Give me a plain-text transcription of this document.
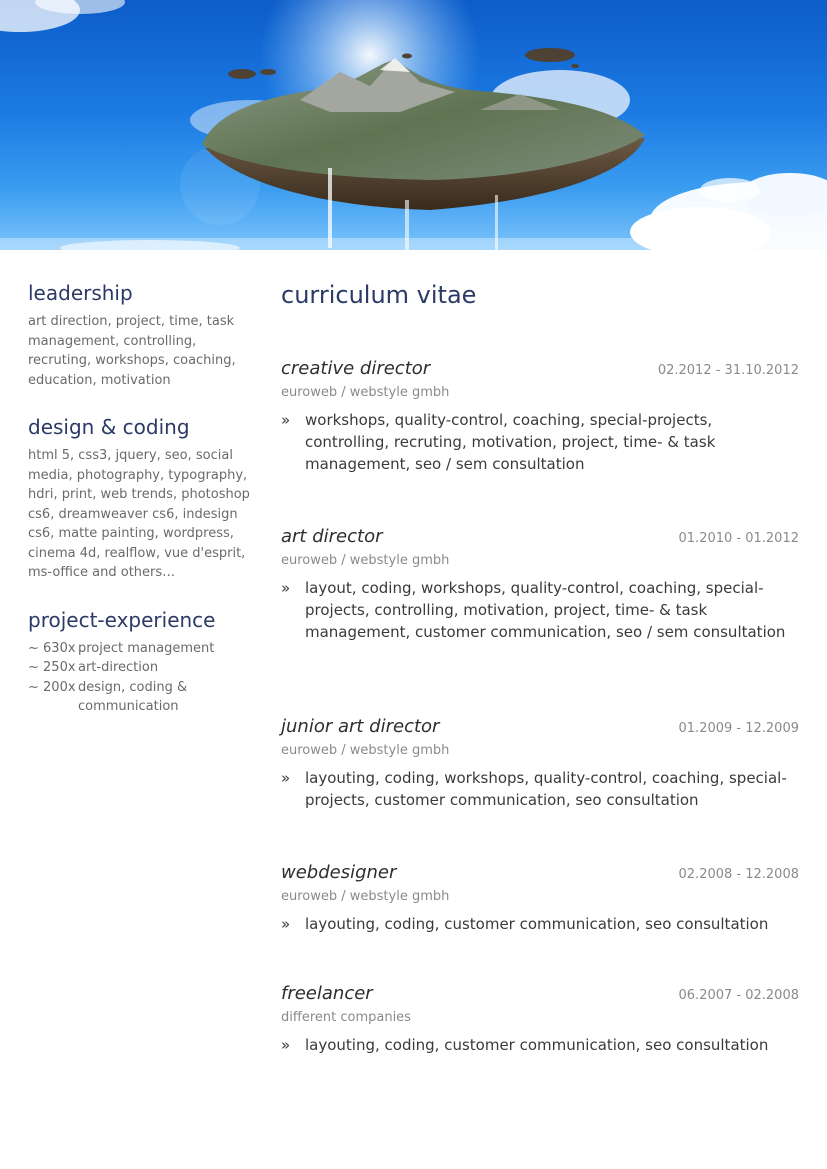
leadership
art direction, project, time, task management, controlling, recruting, workshops, coaching, education, motivation
design & coding
html 5, css3, jquery, seo, social media, photography, typography, hdri, print, web trends, photoshop cs6, dreamweaver cs6, indesign cs6, matte painting, wordpress, cinema 4d, realflow, vue d'esprit, ms-office and others…
project-experience
~ 630x project management
~ 250x art-direction
~ 200x design, coding & communication
curriculum vitae
creative director	02.2012 - 31.10.2012
euroweb / webstyle gmbh
» workshops, quality-control, coaching, special-projects, controlling, recruting, motivation, project, time- & task management, seo / sem consultation
art director	01.2010 - 01.2012
euroweb / webstyle gmbh
» layout, coding, workshops, quality-control, coaching, special-projects, controlling, motivation, project, time- & task management, customer communication, seo / sem consultation
junior art director	01.2009 - 12.2009
euroweb / webstyle gmbh
» layouting, coding, workshops, quality-control, coaching, special-projects, customer communication, seo consultation
webdesigner	02.2008 - 12.2008
euroweb / webstyle gmbh
» layouting, coding, customer communication, seo consultation
freelancer	06.2007 - 02.2008
different companies
» layouting, coding, customer communication, seo consultation
